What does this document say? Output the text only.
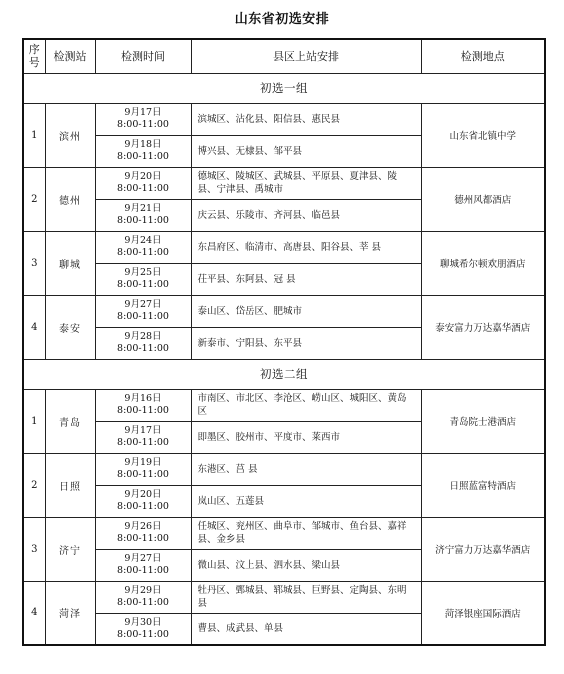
山东省初选安排
序
号	检测站	检测时间	县区上站安排	检测地点
初选一组				
1	滨州	9月17日
8:00-11:00	滨城区、沾化县、阳信县、惠民县	山东省北镇中学
		9月18日
8:00-11:00	博兴县、无棣县、邹平县	
2	德州	9月20日
8:00-11:00	德城区、陵城区、武城县、平原县、夏津县、陵 县、宁津县、禹城市	德州风都酒店
		9月21日
8:00-11:00	庆云县、乐陵市、齐河县、临邑县	
3	聊城	9月24日
8:00-11:00	东昌府区、临清市、高唐县、阳谷县、莘 县	聊城希尔顿欢朋酒店
		9月25日
8:00-11:00	茌平县、东阿县、冠 县	
4	泰安	9月27日
8:00-11:00	泰山区、岱岳区、肥城市	泰安富力万达嘉华酒店
		9月28日
8:00-11:00	新泰市、宁阳县、东平县	
初选二组				
1	青岛	9月16日
8:00-11:00	市南区、市北区、李沧区、崂山区、城阳区、黄岛区	青岛院士港酒店
		9月17日
8:00-11:00	即墨区、胶州市、平度市、莱西市	
2	日照	9月19日
8:00-11:00	东港区、莒 县	日照蓝富特酒店
		9月20日
8:00-11:00	岚山区、五莲县	
3	济宁	9月26日
8:00-11:00	任城区、兖州区、曲阜市、邹城市、鱼台县、嘉祥县、金乡县	济宁富力万达嘉华酒店
		9月27日
8:00-11:00	微山县、汶上县、泗水县、梁山县	
4	菏泽	9月29日
8:00-11:00	牡丹区、鄄城县、郓城县、巨野县、定陶县、东明县	菏泽银座国际酒店
		9月30日
8:00-11:00	曹县、成武县、单县	
